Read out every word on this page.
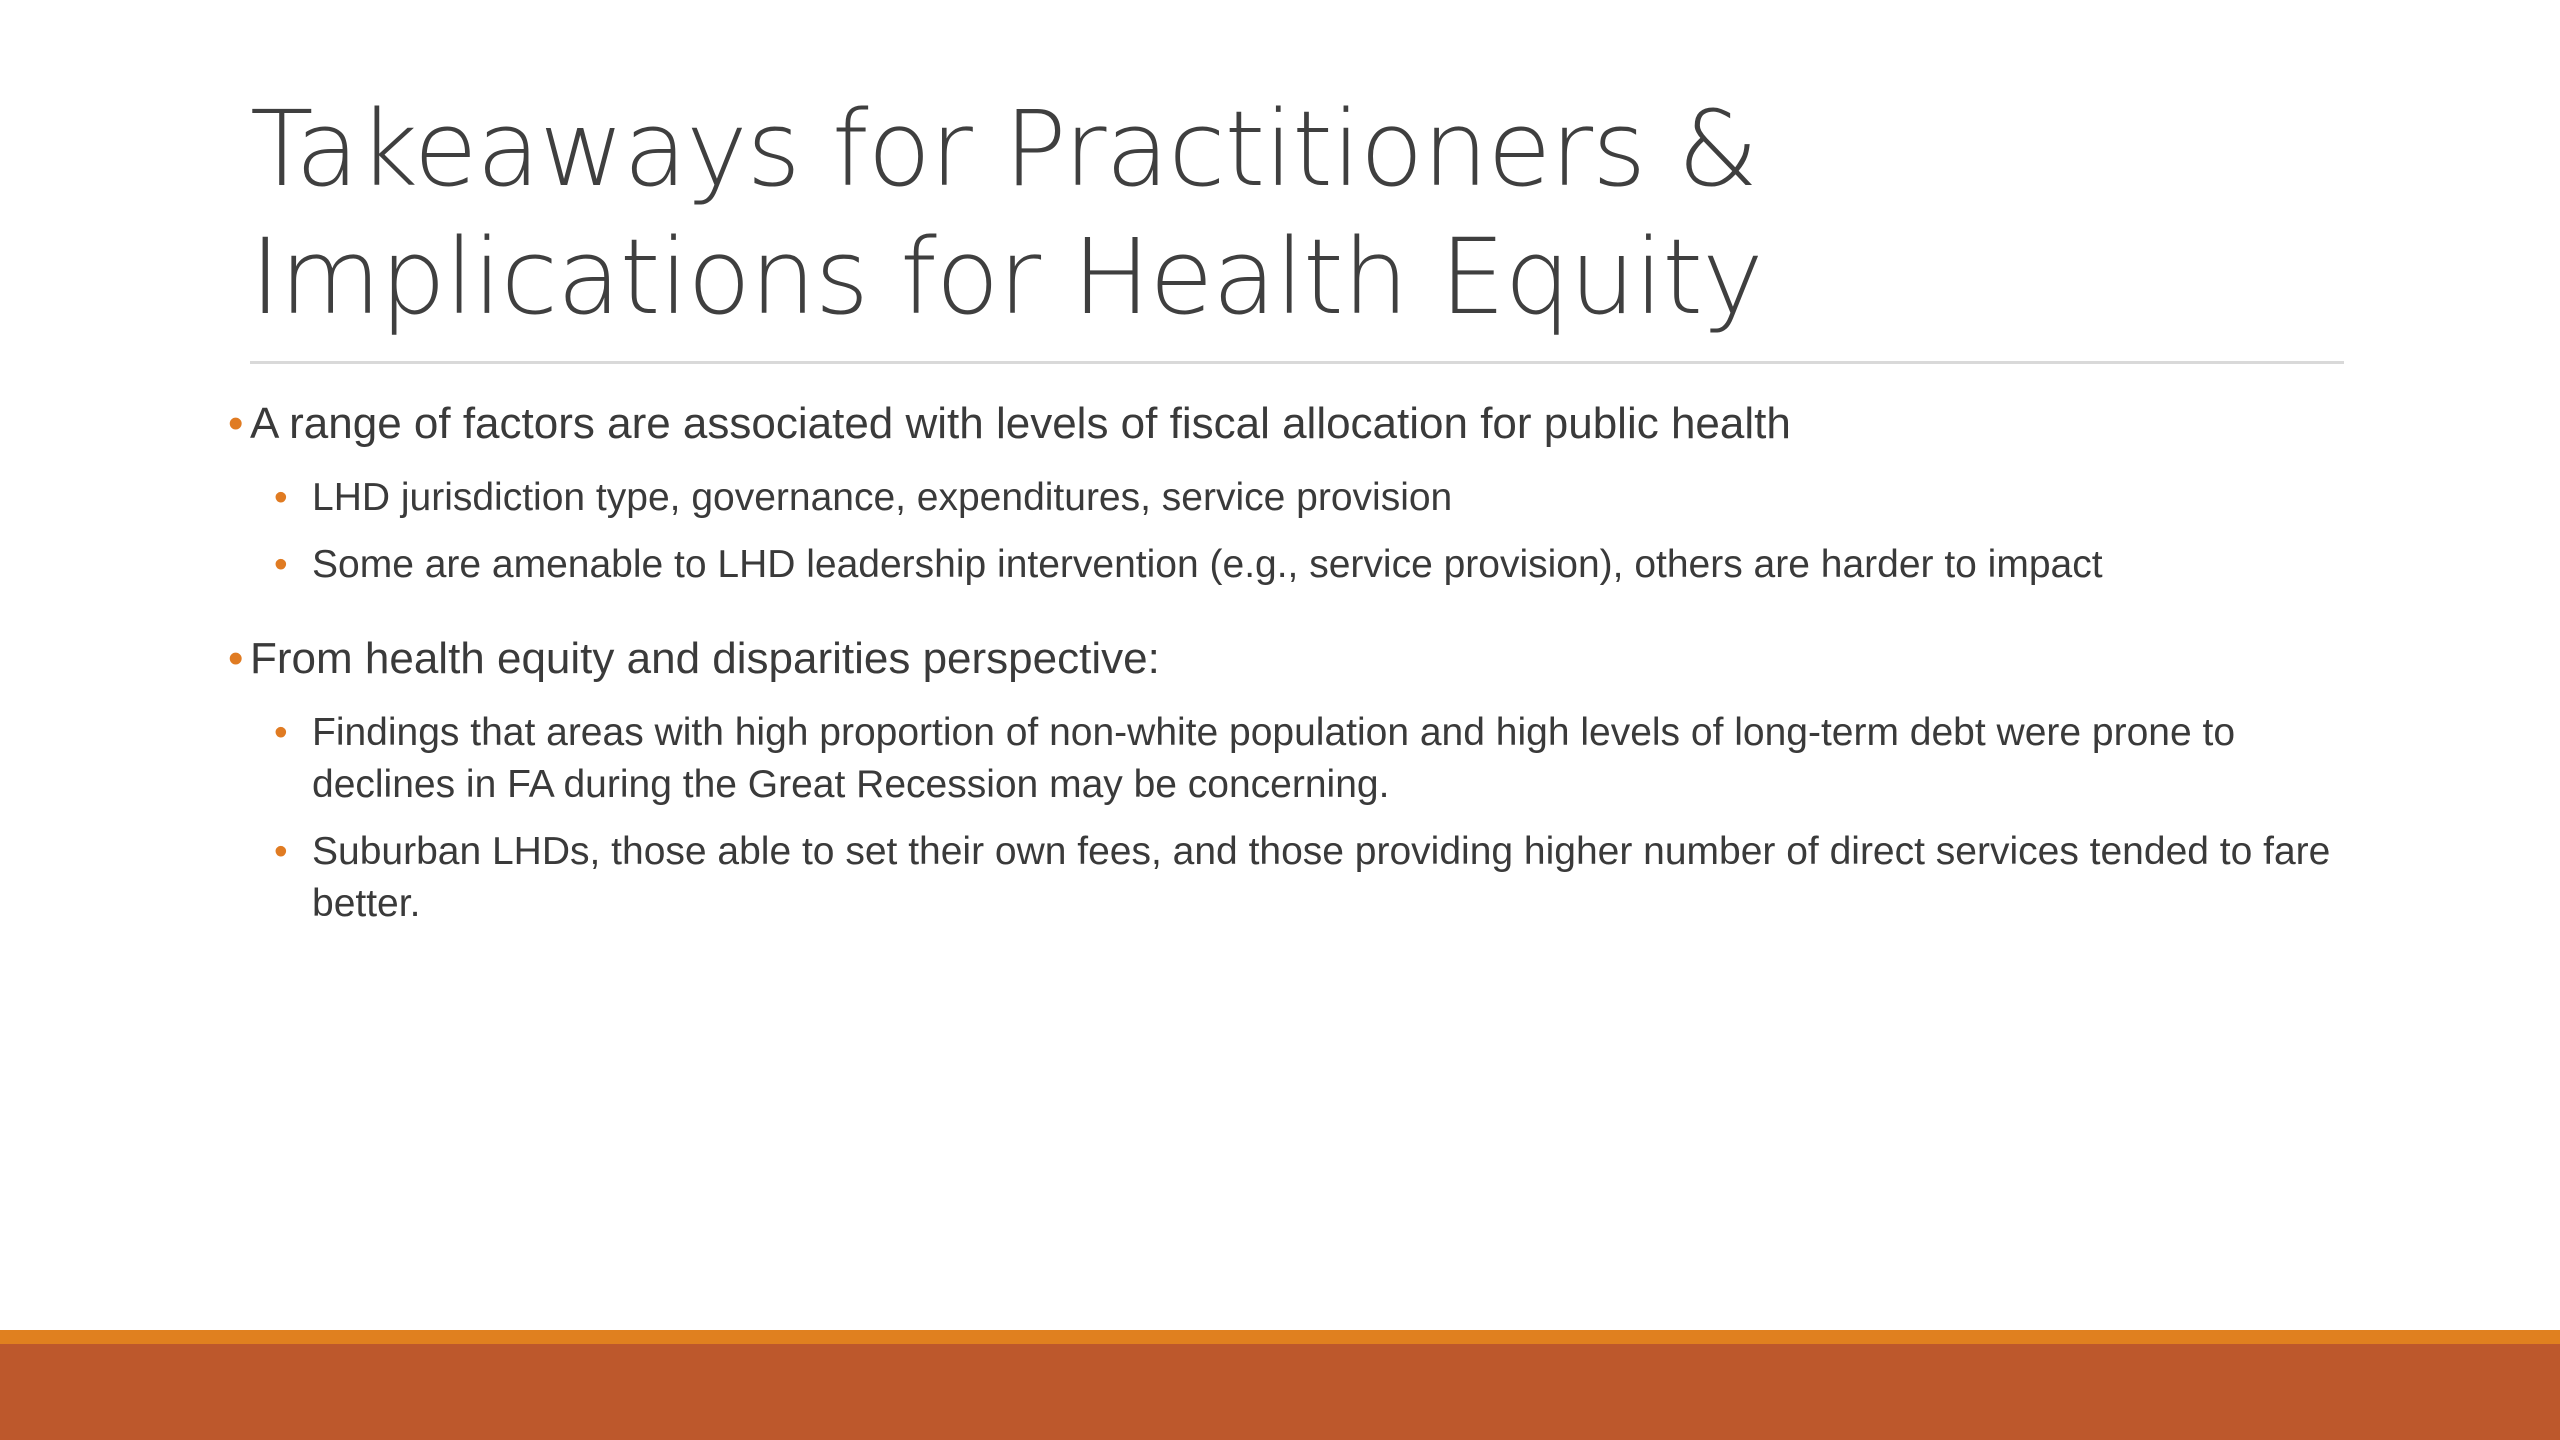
Takeaways for Practitioners &
Implications for Health Equity
• A range of factors are associated with levels of fiscal allocation for public health
• LHD jurisdiction type, governance, expenditures, service provision
• Some are amenable to LHD leadership intervention (e.g., service provision), others are harder to impact
• From health equity and disparities perspective:
• Findings that areas with high proportion of non-white population and high levels of long-term debt were prone to declines in FA during the Great Recession may be concerning.
• Suburban LHDs, those able to set their own fees, and those providing higher number of direct services tended to fare better.
